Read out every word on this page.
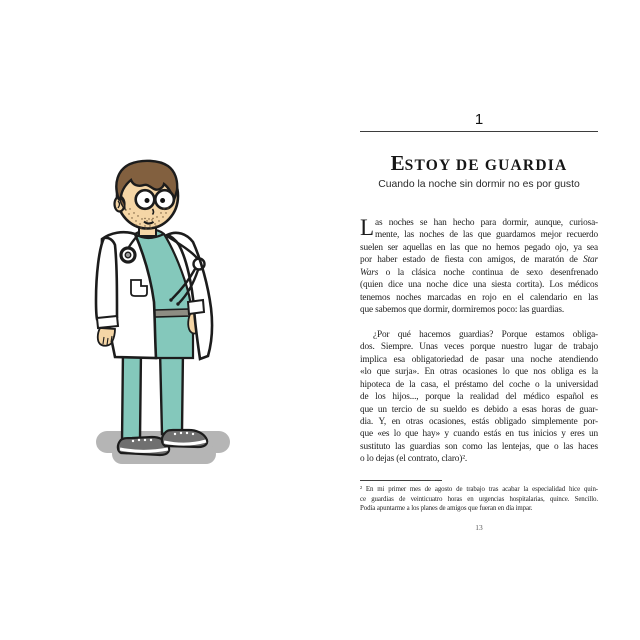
1
ESTOY DE GUARDIA
Cuando la noche sin dormir no es por gusto
L as noches se han hecho para dormir, aunque, curiosa-
mente, las noches de las que guardamos mejor recuerdo
suelen ser aquellas en las que no hemos pegado ojo, ya sea
por haber estado de fiesta con amigos, de maratón de Star
Wars o la clásica noche continua de sexo desenfrenado
(quien dice una noche dice una siesta cortita). Los médicos
tenemos noches marcadas en rojo en el calendario en las
que sabemos que dormir, dormiremos poco: las guardias.
¿Por qué hacemos guardias? Porque estamos obliga-
dos. Siempre. Unas veces porque nuestro lugar de trabajo
implica esa obligatoriedad de pasar una noche atendiendo
«lo que surja». En otras ocasiones lo que nos obliga es la
hipoteca de la casa, el préstamo del coche o la universidad
de los hijos..., porque la realidad del médico español es
que un tercio de su sueldo es debido a esas horas de guar-
dia. Y, en otras ocasiones, estás obligado simplemente por-
que «es lo que hay» y cuando estás en tus inicios y eres un
sustituto las guardias son como las lentejas, que o las haces
o lo dejas (el contrato, claro)².
² En mi primer mes de agosto de trabajo tras acabar la especialidad hice quin-
ce guardias de veinticuatro horas en urgencias hospitalarias, quince. Sencillo.
Podía apuntarme a los planes de amigos que fueran en día impar.
13
